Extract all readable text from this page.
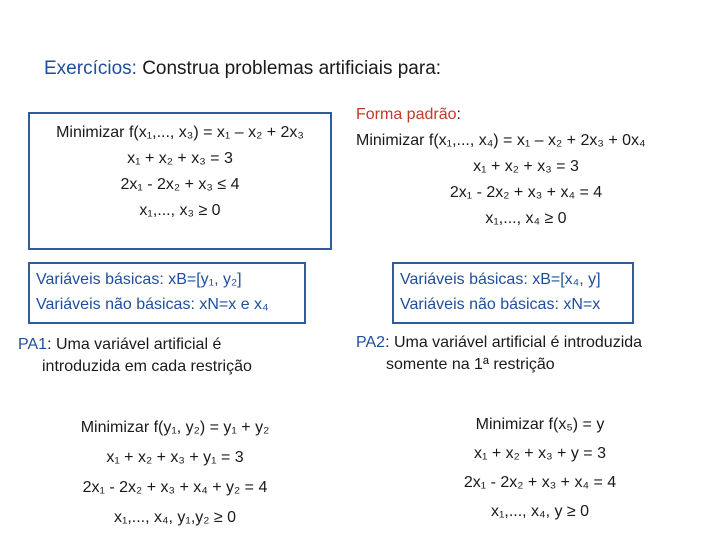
Exercícios: Construa problemas artificiais para:
Minimizar f(x₁,..., x₃) = x₁ – x₂ + 2x₃
x₁ + x₂ + x₃ = 3
2x₁ - 2x₂ + x₃ ≤ 4
x₁,..., x₃ ≥ 0
Variáveis básicas: xB=[y₁, y₂]
Variáveis não básicas: xN=x e x₄
PA1: Uma variável artificial é
introduzida em cada restrição
Minimizar f(y₁, y₂) = y₁ + y₂
x₁ + x₂ + x₃ + y₁ = 3
2x₁ - 2x₂ + x₃ + x₄ + y₂ = 4
x₁,..., x₄, y₁,y₂ ≥ 0
Forma padrão:
Minimizar f(x₁,..., x₄) = x₁ – x₂ + 2x₃ + 0x₄
x₁ + x₂ + x₃ = 3
2x₁ - 2x₂ + x₃ + x₄ = 4
x₁,..., x₄ ≥ 0
Variáveis básicas: xB=[x₄, y]
Variáveis não básicas: xN=x
PA2: Uma variável artificial é introduzida
somente na 1ª restrição
Minimizar f(x₅) = y
x₁ + x₂ + x₃ + y = 3
2x₁ - 2x₂ + x₃ + x₄ = 4
x₁,..., x₄, y ≥ 0
